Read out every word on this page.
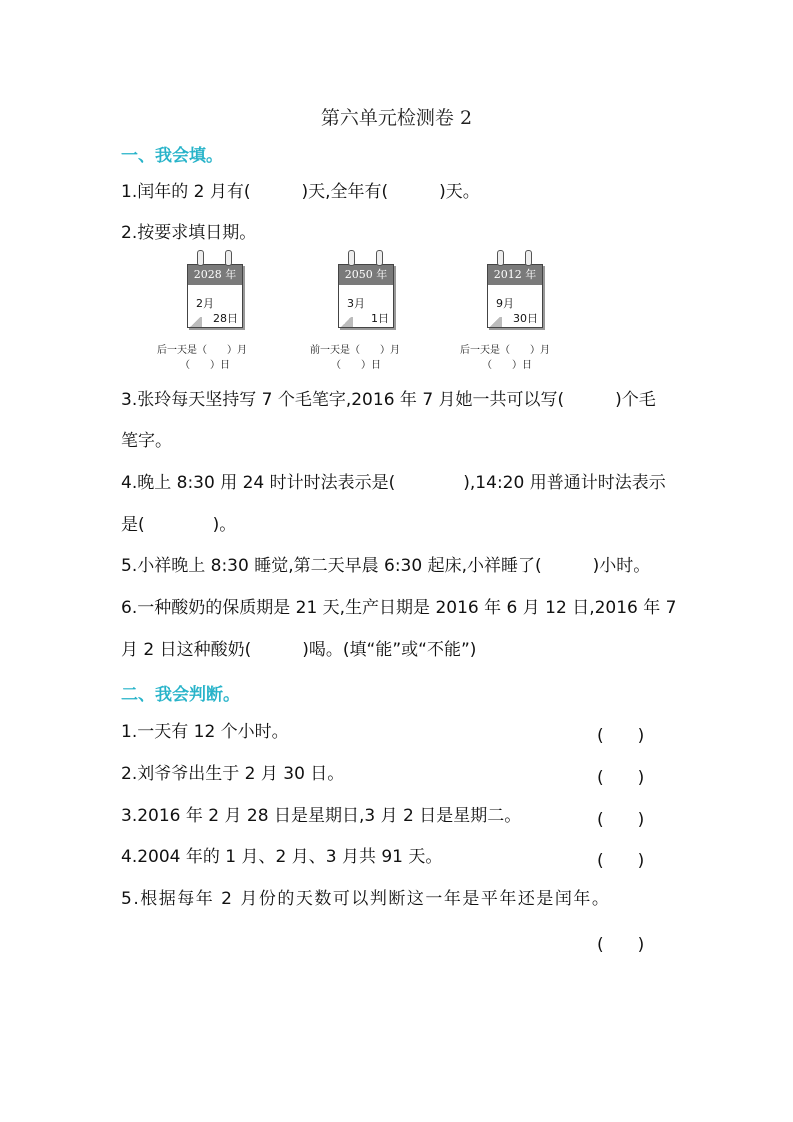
第六单元检测卷 2
一、我会填。
1.闰年的 2 月有(　　　)天,全年有(　　　)天。
2.按要求填日期。
2028 年
2月
28日
后一天是（　　）月
（　　）日
2050 年
3月
1日
前一天是（　　）月
（　　）日
2012 年
9月
30日
后一天是（　　）月
（　　）日
3.张玲每天坚持写 7 个毛笔字,2016 年 7 月她一共可以写(　　　)个毛
笔字。
4.晚上 8:30 用 24 时计时法表示是(　　　　),14:20 用普通计时法表示
是(　　　　)。
5.小祥晚上 8:30 睡觉,第二天早晨 6:30 起床,小祥睡了(　　　)小时。
6.一种酸奶的保质期是 21 天,生产日期是 2016 年 6 月 12 日,2016 年 7
月 2 日这种酸奶(　　　)喝。(填“能”或“不能”)
二、我会判断。
1.一天有 12 个小时。	(　　)
2.刘爷爷出生于 2 月 30 日。	(　　)
3.2016 年 2 月 28 日是星期日,3 月 2 日是星期二。	(　　)
4.2004 年的 1 月、2 月、3 月共 91 天。	(　　)
5.根据每年 2 月份的天数可以判断这一年是平年还是闰年。
(　　)
